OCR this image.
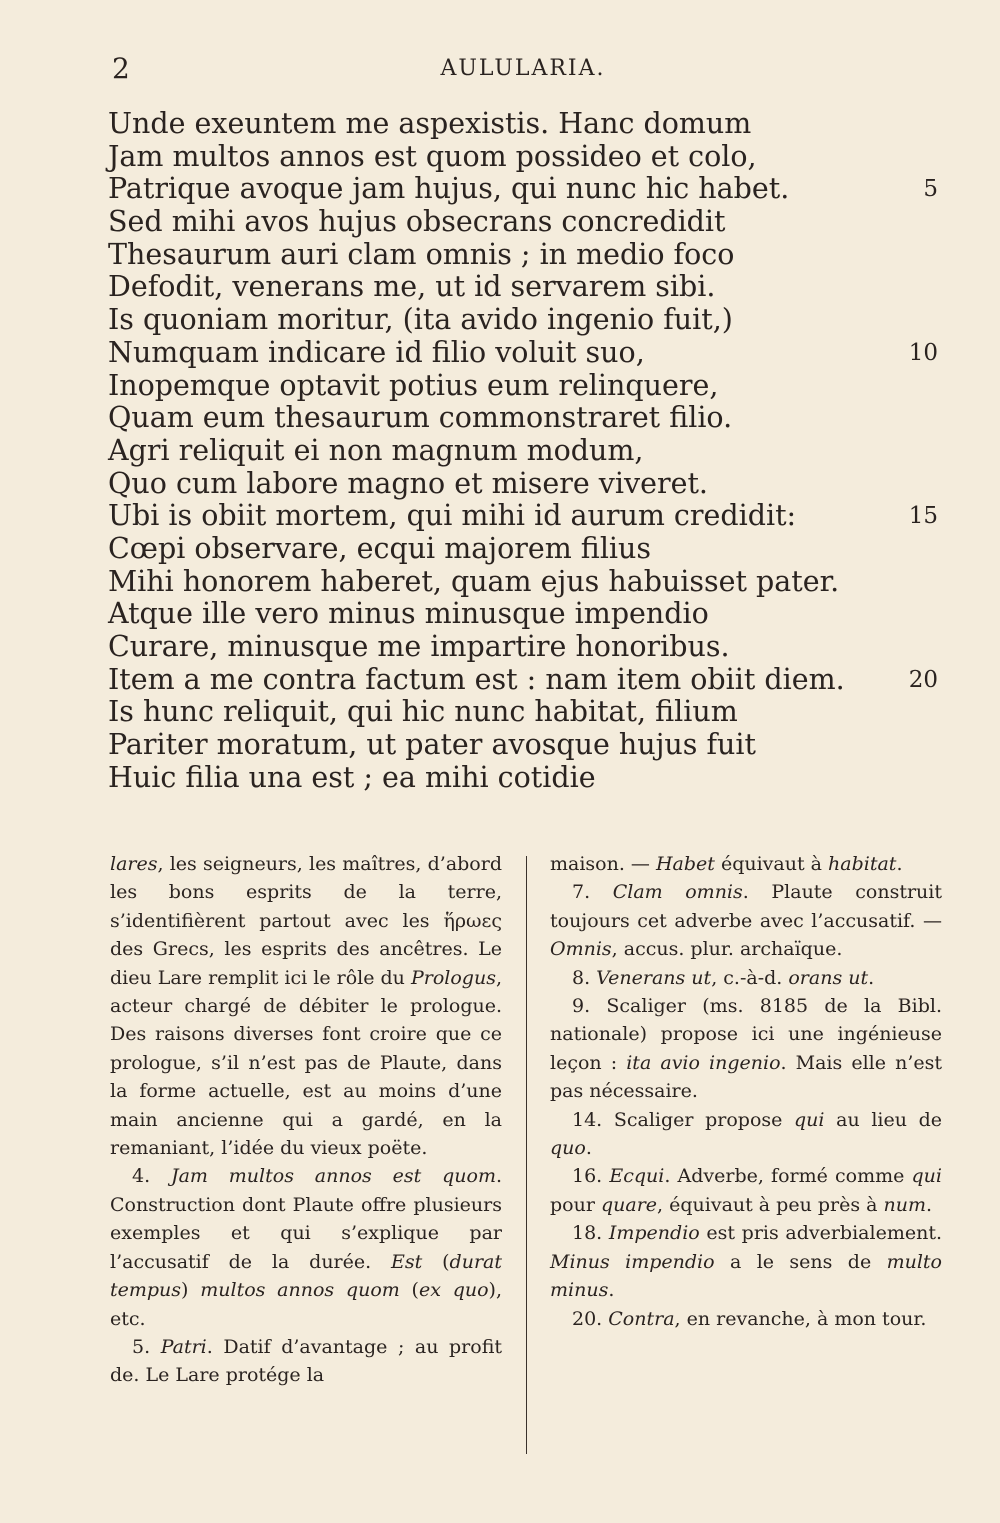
2	AULULARIA.
Unde exeuntem me aspexistis. Hanc domum
Jam multos annos est quom possideo et colo,
Patrique avoque jam hujus, qui nunc hic habet.	5
Sed mihi avos hujus obsecrans concredidit
Thesaurum auri clam omnis ; in medio foco
Defodit, venerans me, ut id servarem sibi.
Is quoniam moritur, (ita avido ingenio fuit,)
Numquam indicare id filio voluit suo,	10
Inopemque optavit potius eum relinquere,
Quam eum thesaurum commonstraret filio.
Agri reliquit ei non magnum modum,
Quo cum labore magno et misere viveret.
Ubi is obiit mortem, qui mihi id aurum credidit:	15
Cœpi observare, ecqui majorem filius
Mihi honorem haberet, quam ejus habuisset pater.
Atque ille vero minus minusque impendio
Curare, minusque me impartire honoribus.
Item a me contra factum est : nam item obiit diem.	20
Is hunc reliquit, qui hic nunc habitat, filium
Pariter moratum, ut pater avosque hujus fuit
Huic filia una est ; ea mihi cotidie

lares, les seigneurs, les maîtres, d’abord les bons esprits de la terre, s’identifièrent partout avec les ἥρωες des Grecs, les esprits des ancêtres. Le dieu Lare remplit ici le rôle du Prologus, acteur chargé de débiter le prologue. Des raisons diverses font croire que ce prologue, s’il n’est pas de Plaute, dans la forme actuelle, est au moins d’une main ancienne qui a gardé, en la remaniant, l’idée du vieux poëte.

4. Jam multos annos est quom. Construction dont Plaute offre plusieurs exemples et qui s’explique par l’accusatif de la durée. Est (durat tempus) multos annos quom (ex quo), etc.

5. Patri. Datif d’avantage ; au profit de. Le Lare protége la

maison. — Habet équivaut à habitat.

7. Clam omnis. Plaute construit toujours cet adverbe avec l’accusatif. — Omnis, accus. plur. archaïque.

8. Venerans ut, c.-à-d. orans ut.

9. Scaliger (ms. 8185 de la Bibl. nationale) propose ici une ingénieuse leçon : ita avio ingenio. Mais elle n’est pas nécessaire.

14. Scaliger propose qui au lieu de quo.

16. Ecqui. Adverbe, formé comme qui pour quare, équivaut à peu près à num.

18. Impendio est pris adverbialement. Minus impendio a le sens de multo minus.

20. Contra, en revanche, à mon tour.
